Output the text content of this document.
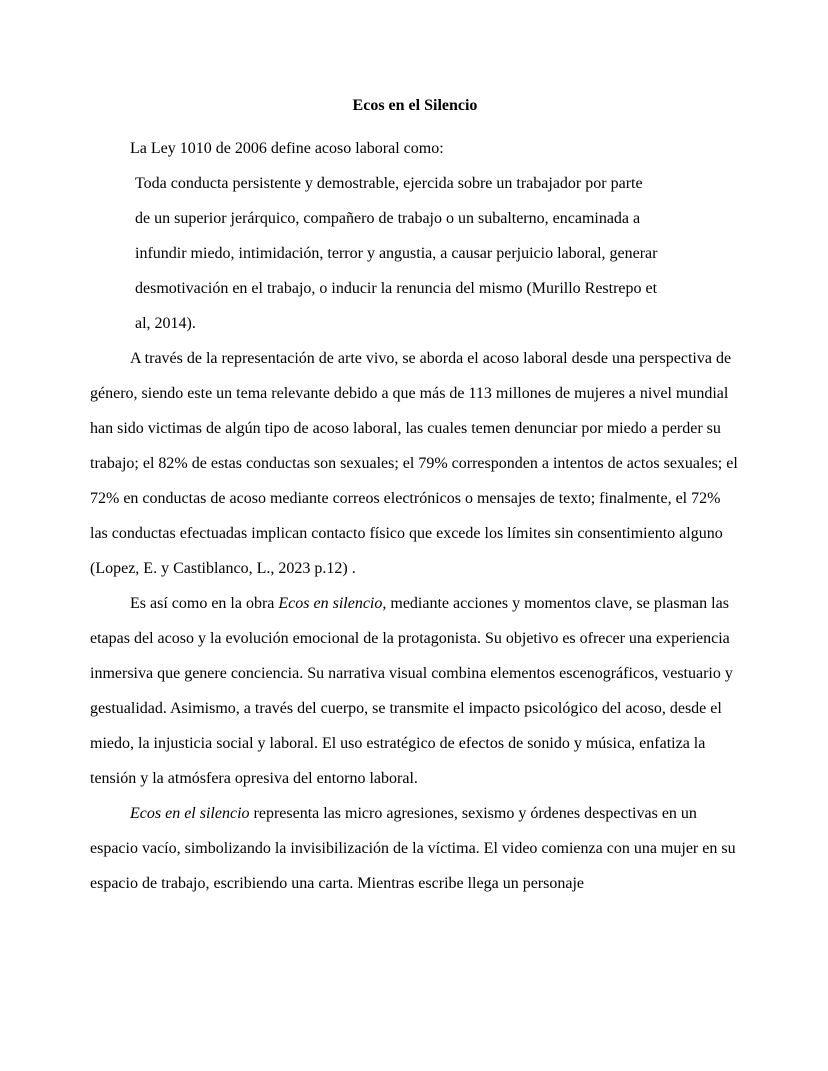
Ecos en el Silencio

La Ley 1010 de 2006 define acoso laboral como:

Toda conducta persistente y demostrable, ejercida sobre un trabajador por parte de un superior jerárquico, compañero de trabajo o un subalterno, encaminada a infundir miedo, intimidación, terror y angustia, a causar perjuicio laboral, generar desmotivación en el trabajo, o inducir la renuncia del mismo (Murillo Restrepo et al, 2014).

A través de la representación de arte vivo, se aborda el acoso laboral desde una perspectiva de género, siendo este un tema relevante debido a que más de 113 millones de mujeres a nivel mundial han sido victimas de algún tipo de acoso laboral, las cuales temen denunciar por miedo a perder su trabajo; el 82% de estas conductas son sexuales; el 79% corresponden a intentos de actos sexuales; el 72% en conductas de acoso mediante correos electrónicos o mensajes de texto; finalmente, el 72% las conductas efectuadas implican contacto físico que excede los límites sin consentimiento alguno (Lopez, E. y Castiblanco, L., 2023 p.12) .

Es así como en la obra Ecos en silencio, mediante acciones y momentos clave, se plasman las etapas del acoso y la evolución emocional de la protagonista. Su objetivo es ofrecer una experiencia inmersiva que genere conciencia. Su narrativa visual combina elementos escenográficos, vestuario y gestualidad. Asimismo, a través del cuerpo, se transmite el impacto psicológico del acoso, desde el miedo, la injusticia social y laboral. El uso estratégico de efectos de sonido y música, enfatiza la tensión y la atmósfera opresiva del entorno laboral.

Ecos en el silencio representa las micro agresiones, sexismo y órdenes despectivas en un espacio vacío, simbolizando la invisibilización de la víctima. El video comienza con una mujer en su espacio de trabajo, escribiendo una carta. Mientras escribe llega un personaje
